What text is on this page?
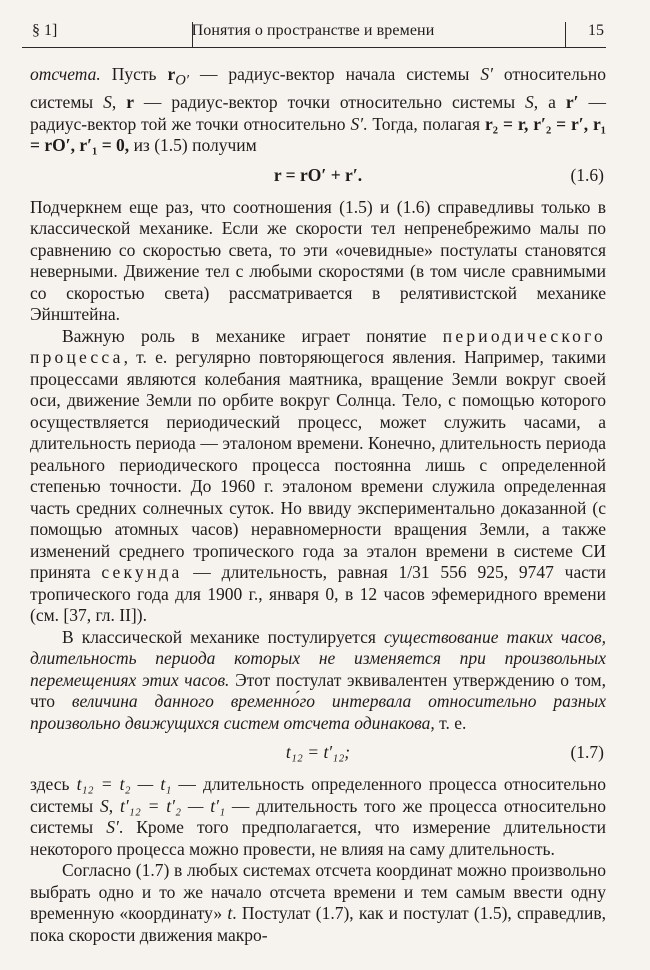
§ 1]	Понятия о пространстве и времени	15

отсчета. Пусть $r_{O'}$ — радиус-вектор начала системы S′ относительно системы S, r — радиус-вектор точки относительно системы S, а r′ — радиус-вектор той же точки относительно S′. Тогда, полагая r₂ = r, r′₂ = r′, r₁ = rO′, r′₁ = 0, из (1.5) получим

r = rO′ + r′.	(1.6)

Подчеркнем еще раз, что соотношения (1.5) и (1.6) справедливы только в классической механике. Если же скорости тел непренебрежимо малы по сравнению со скоростью света, то эти «очевидные» постулаты становятся неверными. Движение тел с любыми скоростями (в том числе сравнимыми со скоростью света) рассматривается в релятивистской механике Эйнштейна.

Важную роль в механике играет понятие периодического процесса, т. е. регулярно повторяющегося явления. Например, такими процессами являются колебания маятника, вращение Земли вокруг своей оси, движение Земли по орбите вокруг Солнца. Тело, с помощью которого осуществляется периодический процесс, может служить часами, а длительность периода — эталоном времени. Конечно, длительность периода реального периодического процесса постоянна лишь с определенной степенью точности. До 1960 г. эталоном времени служила определенная часть средних солнечных суток. Но ввиду экспериментально доказанной (с помощью атомных часов) неравномерности вращения Земли, а также изменений среднего тропического года за эталон времени в системе СИ принята секунда — длительность, равная 1/31 556 925, 9747 части тропического года для 1900 г., января 0, в 12 часов эфемеридного времени (см. [37, гл. II]).

В классической механике постулируется существование таких часов, длительность периода которых не изменяется при произвольных перемещениях этих часов. Этот постулат эквивалентен утверждению о том, что величина данного временно́го интервала относительно разных произвольно движущихся систем отсчета одинакова, т. е.

t₁₂ = t′₁₂;	(1.7)

здесь t₁₂ = t₂ — t₁ — длительность определенного процесса относительно системы S, t′₁₂ = t′₂ — t′₁ — длительность того же процесса относительно системы S′. Кроме того предполагается, что измерение длительности некоторого процесса можно провести, не влияя на саму длительность.

Согласно (1.7) в любых системах отсчета координат можно произвольно выбрать одно и то же начало отсчета времени и тем самым ввести одну временную «координату» t. Постулат (1.7), как и постулат (1.5), справедлив, пока скорости движения макро-
